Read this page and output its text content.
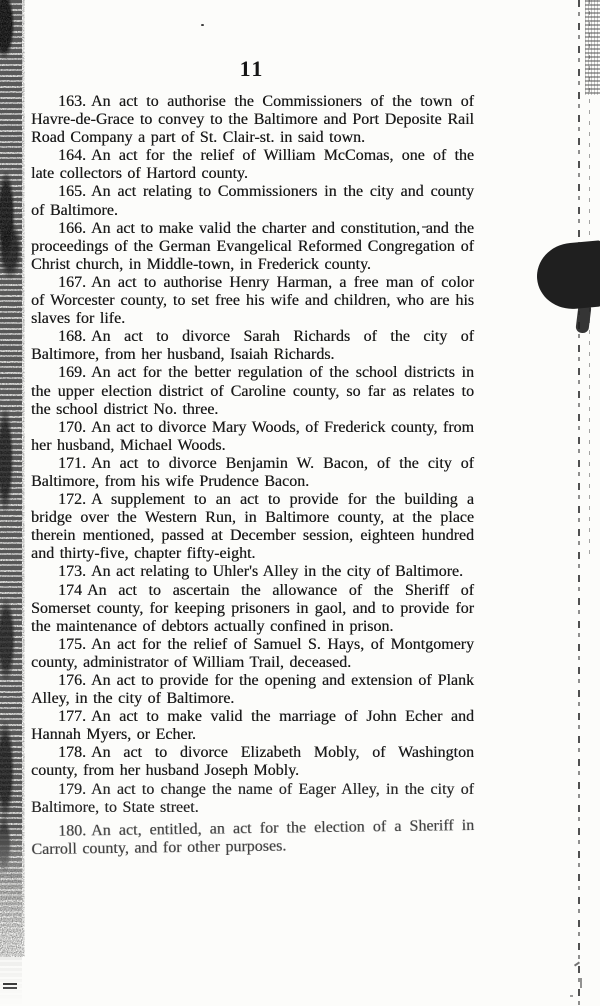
11

163. An act to authorise the Commissioners of the town of Havre-de-Grace to convey to the Baltimore and Port Deposite Rail Road Company a part of St. Clair-st. in said town.

164. An act for the relief of William McComas, one of the late collectors of Hartord county.

165. An act relating to Commissioners in the city and county of Baltimore.

166. An act to make valid the charter and constitution, and the proceedings of the German Evangelical Reformed Congregation of Christ church, in Middle-town, in Frederick county.

167. An act to authorise Henry Harman, a free man of color of Worcester county, to set free his wife and children, who are his slaves for life.

168. An act to divorce Sarah Richards of the city of Baltimore, from her husband, Isaiah Richards.

169. An act for the better regulation of the school districts in the upper election district of Caroline county, so far as relates to the school district No. three.

170. An act to divorce Mary Woods, of Frederick county, from her husband, Michael Woods.

171. An act to divorce Benjamin W. Bacon, of the city of Baltimore, from his wife Prudence Bacon.

172. A supplement to an act to provide for the building a bridge over the Western Run, in Baltimore county, at the place therein mentioned, passed at December session, eighteen hundred and thirty-five, chapter fifty-eight.

173. An act relating to Uhler's Alley in the city of Baltimore.

174 An act to ascertain the allowance of the Sheriff of Somerset county, for keeping prisoners in gaol, and to provide for the maintenance of debtors actually confined in prison.

175. An act for the relief of Samuel S. Hays, of Montgomery county, administrator of William Trail, deceased.

176. An act to provide for the opening and extension of Plank Alley, in the city of Baltimore.

177. An act to make valid the marriage of John Echer and Hannah Myers, or Echer.

178. An act to divorce Elizabeth Mobly, of Washington county, from her husband Joseph Mobly.

179. An act to change the name of Eager Alley, in the city of Baltimore, to State street.

180. An act, entitled, an act for the election of a Sheriff in Carroll county, and for other purposes.
